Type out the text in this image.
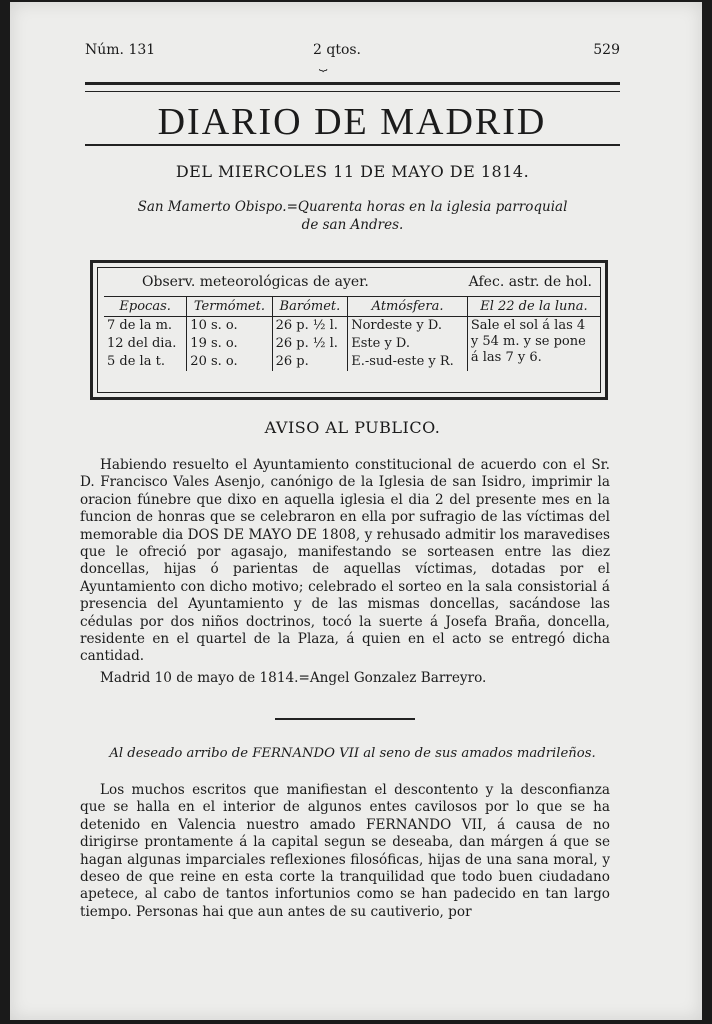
Núm. 131	2 qtos.
⏟
529
DIARIO DE MADRID
DEL MIERCOLES 11 DE MAYO DE 1814.
San Mamerto Obispo.=Quarenta horas en la iglesia parroquial
de san Andres.
Observ. meteorológicas de ayer.	Afec. astr. de hol.
Epocas.	Termómet.	Barómet.	Atmósfera.	El 22 de la luna.
7 de la m.	10 s. o.	26 p. ½ l.	Nordeste y D.	Sale el sol á las 4
y 54 m. y se pone
á las 7 y 6.
12 del dia.	19 s. o.	26 p. ½ l.	Este y D.	
5 de la t.	20 s. o.	26 p.	E.-sud-este y R.	
AVISO AL PUBLICO.
Habiendo resuelto el Ayuntamiento constitucional de acuerdo con el Sr. D. Francisco Vales Asenjo, canónigo de la Iglesia de san Isidro, imprimir la oracion fúnebre que dixo en aquella iglesia el dia 2 del presente mes en la funcion de honras que se celebraron en ella por sufragio de las víctimas del memorable dia DOS DE MAYO DE 1808, y rehusado admitir los maravedises que le ofreció por agasajo, manifestando se sorteasen entre las diez doncellas, hijas ó parientas de aquellas víctimas, dotadas por el Ayuntamiento con dicho motivo; celebrado el sorteo en la sala consistorial á presencia del Ayuntamiento y de las mismas doncellas, sacándose las cédulas por dos niños doctrinos, tocó la suerte á Josefa Braña, doncella, residente en el quartel de la Plaza, á quien en el acto se entregó dicha cantidad.
Madrid 10 de mayo de 1814.=Angel Gonzalez Barreyro.
Al deseado arribo de FERNANDO VII al seno de sus amados madrileños.
Los muchos escritos que manifiestan el descontento y la desconfianza que se halla en el interior de algunos entes cavilosos por lo que se ha detenido en Valencia nuestro amado FERNANDO VII, á causa de no dirigirse prontamente á la capital segun se deseaba, dan márgen á que se hagan algunas imparciales reflexiones filosóficas, hijas de una sana moral, y deseo de que reine en esta corte la tranquilidad que todo buen ciudadano apetece, al cabo de tantos infortunios como se han padecido en tan largo tiempo. Personas hai que aun antes de su cautiverio, por
